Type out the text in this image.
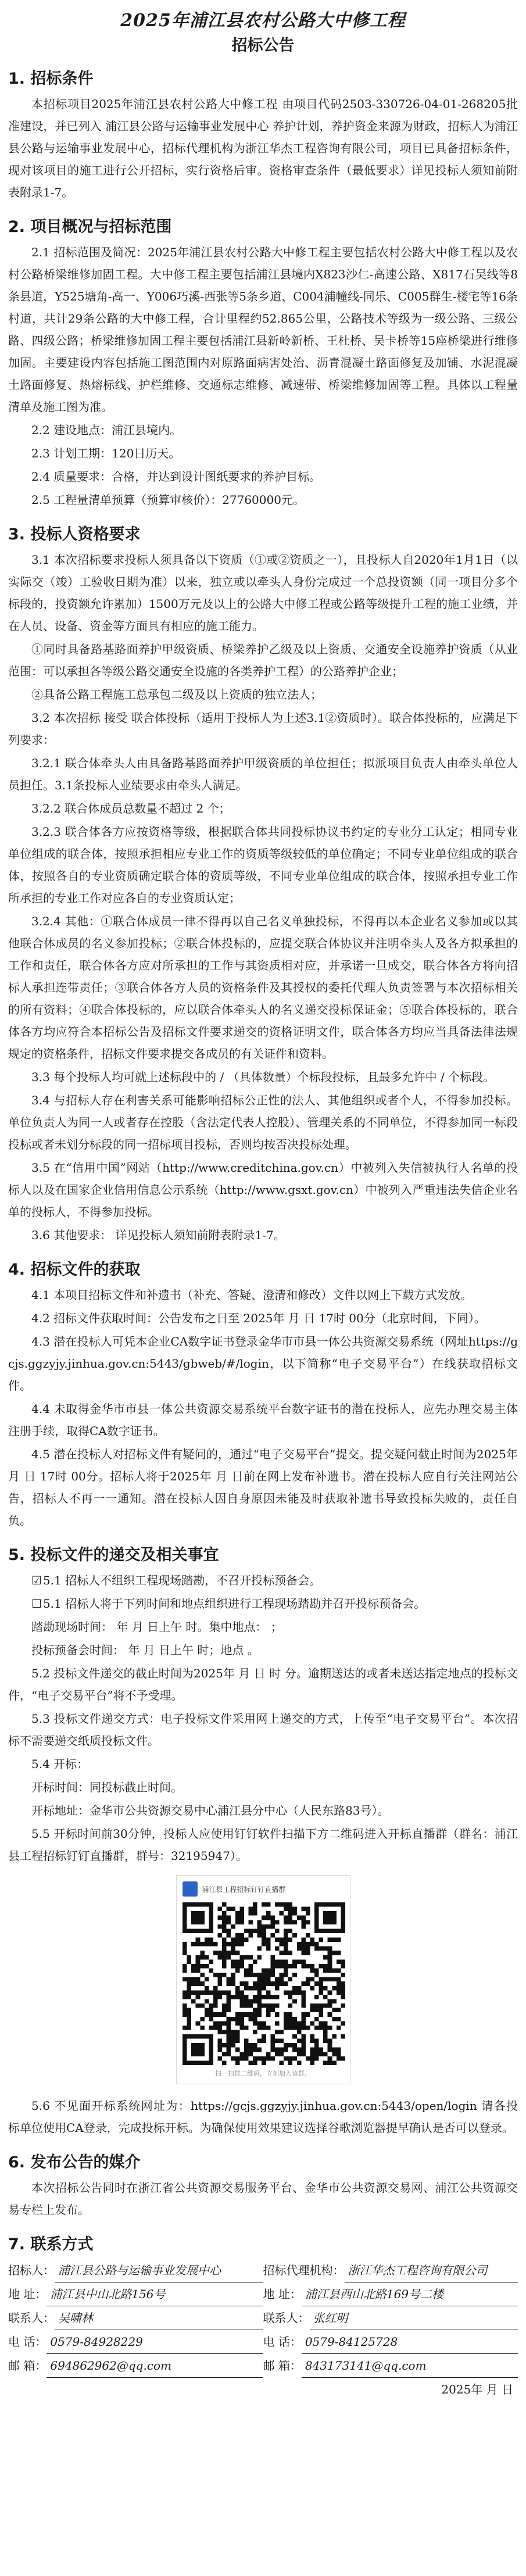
2025年浦江县农村公路大中修工程
招标公告
1. 招标条件

本招标项目2025年浦江县农村公路大中修工程 由项目代码2503-330726-04-01-268205批准建设，并已列入 浦江县公路与运输事业发展中心 养护计划，养护资金来源为财政，招标人为浦江县公路与运输事业发展中心，招标代理机构为浙江华杰工程咨询有限公司，项目已具备招标条件，现对该项目的施工进行公开招标，实行资格后审。资格审查条件（最低要求）详见投标人须知前附表附录1-7。

2. 项目概况与招标范围

2.1 招标范围及简况：2025年浦江县农村公路大中修工程主要包括农村公路大中修工程以及农村公路桥梁维修加固工程。大中修工程主要包括浦江县境内X823沙仁-高速公路、X817石吴线等8条县道，Y525塘角-高一、Y006巧溪-西张等5条乡道、C004浦幢线-同乐、C005群生-楼宅等16条村道，共计29条公路的大中修工程，合计里程约52.865公里，公路技术等级为一级公路、三级公路、四级公路；桥梁维修加固工程主要包括浦江县新岭新桥、王杜桥、吴卡桥等15座桥梁进行维修加固。主要建设内容包括施工图范围内对原路面病害处治、沥青混凝土路面修复及加铺、水泥混凝土路面修复、热熔标线、护栏维修、交通标志维修、减速带、桥梁维修加固等工程。具体以工程量清单及施工图为准。

2.2 建设地点：浦江县境内。

2.3 计划工期：120日历天。

2.4 质量要求：合格，并达到设计图纸要求的养护目标。

2.5 工程量清单预算（预算审核价）：27760000元。

3. 投标人资格要求

3.1 本次招标要求投标人须具备以下资质（①或②资质之一），且投标人自2020年1月1日（以实际交（竣）工验收日期为准）以来，独立或以牵头人身份完成过一个总投资额（同一项目分多个标段的，投资额允许累加）1500万元及以上的公路大中修工程或公路等级提升工程的施工业绩，并在人员、设备、资金等方面具有相应的施工能力。

①同时具备路基路面养护甲级资质、桥梁养护乙级及以上资质、交通安全设施养护资质（从业范围：可以承担各等级公路交通安全设施的各类养护工程）的公路养护企业；

②具备公路工程施工总承包二级及以上资质的独立法人；

3.2 本次招标 接受 联合体投标（适用于投标人为上述3.1②资质时）。联合体投标的，应满足下列要求：

3.2.1 联合体牵头人由具备路基路面养护甲级资质的单位担任；拟派项目负责人由牵头单位人员担任。3.1条投标人业绩要求由牵头人满足。

3.2.2 联合体成员总数量不超过 2 个；

3.2.3 联合体各方应按资格等级，根据联合体共同投标协议书约定的专业分工认定；相同专业单位组成的联合体，按照承担相应专业工作的资质等级较低的单位确定；不同专业单位组成的联合体，按照各自的专业资质确定联合体的资质等级，不同专业单位组成的联合体，按照承担专业工作所承担的专业工作对应各自的专业资质认定；

3.2.4 其他：①联合体成员一律不得再以自己名义单独投标，不得再以本企业名义参加或以其他联合体成员的名义参加投标；②联合体投标的，应提交联合体协议并注明牵头人及各方拟承担的工作和责任，联合体各方应对所承担的工作与其资质相对应，并承诺一旦成交，联合体各方将向招标人承担连带责任；③联合体各方人员的资格条件及其授权的委托代理人负责签署与本次招标相关的所有资料；④联合体投标的，应以联合体牵头人的名义递交投标保证金；⑤联合体投标的，联合体各方均应符合本招标公告及招标文件要求递交的资格证明文件，联合体各方均应当具备法律法规规定的资格条件，招标文件要求提交各成员的有关证件和资料。

3.3 每个投标人均可就上述标段中的 / （具体数量）个标段投标，且最多允许中 / 个标段。

3.4 与招标人存在利害关系可能影响招标公正性的法人、其他组织或者个人，不得参加投标。单位负责人为同一人或者存在控股（含法定代表人控股）、管理关系的不同单位，不得参加同一标段投标或者未划分标段的同一招标项目投标，否则均按否决投标处理。

3.5 在“信用中国”网站（http://www.creditchina.gov.cn）中被列入失信被执行人名单的投标人以及在国家企业信用信息公示系统（http://www.gsxt.gov.cn）中被列入严重违法失信企业名单的投标人，不得参加投标。

3.6 其他要求： 详见投标人须知前附表附录1-7。

4. 招标文件的获取

4.1 本项目招标文件和补遗书（补充、答疑、澄清和修改）文件以网上下载方式发放。

4.2 招标文件获取时间：公告发布之日至 2025年 月 日 17时 00分（北京时间，下同）。

4.3 潜在投标人可凭本企业CA数字证书登录金华市市县一体公共资源交易系统（网址https://gcjs.ggzyjy.jinhua.gov.cn:5443/gbweb/#/login，以下简称“电子交易平台”）在线获取招标文件。

4.4 未取得金华市市县一体公共资源交易系统平台数字证书的潜在投标人，应先办理交易主体注册手续，取得CA数字证书。

4.5 潜在投标人对招标文件有疑问的，通过“电子交易平台”提交。提交疑问截止时间为2025年 月 日 17时 00分。招标人将于2025年 月 日前在网上发布补遗书。潜在投标人应自行关注网站公告，招标人不再一一通知。潜在投标人因自身原因未能及时获取补遗书导致投标失败的，责任自负。

5. 投标文件的递交及相关事宜

☑ 5.1 招标人不组织工程现场踏勘，不召开投标预备会。

☐ 5.1 招标人将于下列时间和地点组织进行工程现场踏勘并召开投标预备会。

踏勘现场时间： 年 月 日上午 时。集中地点： ；

投标预备会时间： 年 月 日上午 时；地点 。

5.2 投标文件递交的截止时间为2025年 月 日 时 分。逾期送达的或者未送达指定地点的投标文件，“电子交易平台”将不予受理。

5.3 投标文件递交方式：电子投标文件采用网上递交的方式，上传至“电子交易平台”。本次招标不需要递交纸质投标文件。

5.4 开标：

开标时间：同投标截止时间。

开标地址：金华市公共资源交易中心浦江县分中心（人民东路83号）。

5.5 开标时间前30分钟，投标人应使用钉钉软件扫描下方二维码进入开标直播群（群名：浦江县工程招标钉钉直播群，群号：32195947）。

浦江县工程招标钉钉直播群
扫一扫群二维码，立刻加入该群。

5.6 不见面开标系统网址为：https://gcjs.ggzyjy.jinhua.gov.cn:5443/open/login 请各投标单位使用CA登录，完成投标开标。为确保使用效果建议选择谷歌浏览器提早确认是否可以登录。

6. 发布公告的媒介

本次招标公告同时在浙江省公共资源交易服务平台、金华市公共资源交易网、浦江公共资源交易专栏上发布。

7. 联系方式
招标人： 浦江县公路与运输事业发展中心	招标代理机构： 浙江华杰工程咨询有限公司
地 址： 浦江县中山北路156号	地 址： 浦江县西山北路169号二楼
联系人： 吴啸林	联系人： 张红明
电 话： 0579-84928229	电 话： 0579-84125728
邮 箱： 694862962@qq.com	邮 箱： 843173141@qq.com
2025年 月 日
